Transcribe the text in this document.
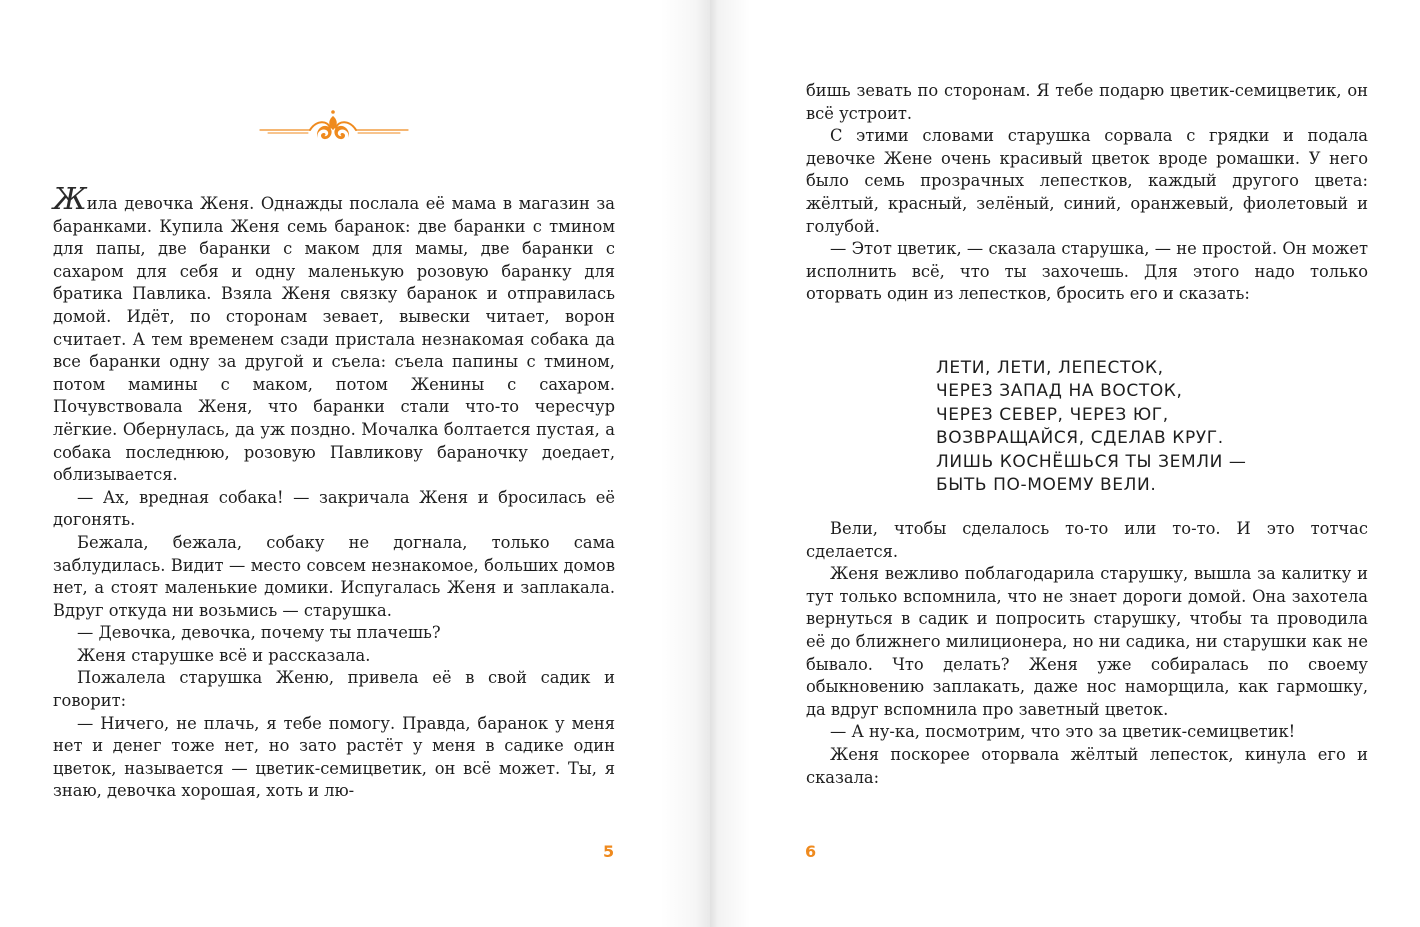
Жила девочка Женя. Однажды послала её мама в магазин за баранками. Купила Женя семь баранок: две баранки с тмином для папы, две баранки с маком для мамы, две баранки с сахаром для себя и одну маленькую розовую баранку для братика Павлика. Взяла Женя связку баранок и отправилась домой. Идёт, по сторонам зевает, вывески читает, ворон считает. А тем временем сзади пристала незнакомая собака да все баранки одну за другой и съела: съела папины с тмином, потом мамины с маком, потом Женины с сахаром. Почувствовала Женя, что баранки стали что-то чересчур лёгкие. Обернулась, да уж поздно. Мочалка болтается пустая, а собака последнюю, розовую Павликову бараночку доедает, облизывается.

— Ах, вредная собака! — закричала Женя и бросилась её догонять.

Бежала, бежала, собаку не догнала, только сама заблудилась. Видит — место совсем незнакомое, больших домов нет, а стоят маленькие домики. Испугалась Женя и заплакала. Вдруг откуда ни возьмись — старушка.

— Девочка, девочка, почему ты плачешь?

Женя старушке всё и рассказала.

Пожалела старушка Женю, привела её в свой садик и говорит:

— Ничего, не плачь, я тебе помогу. Правда, баранок у меня нет и денег тоже нет, но зато растёт у меня в садике один цветок, называется — цветик-семицветик, он всё может. Ты, я знаю, девочка хорошая, хоть и лю-

5

бишь зевать по сторонам. Я тебе подарю цветик-семицветик, он всё устроит.

С этими словами старушка сорвала с грядки и подала девочке Жене очень красивый цветок вроде ромашки. У него было семь прозрачных лепестков, каждый другого цвета: жёлтый, красный, зелёный, синий, оранжевый, фиолетовый и голубой.

— Этот цветик, — сказала старушка, — не простой. Он может исполнить всё, что ты захочешь. Для этого надо только оторвать один из лепестков, бросить его и сказать:

ЛЕТИ, ЛЕТИ, ЛЕПЕСТОК,
ЧЕРЕЗ ЗАПАД НА ВОСТОК,
ЧЕРЕЗ СЕВЕР, ЧЕРЕЗ ЮГ,
ВОЗВРАЩАЙСЯ, СДЕЛАВ КРУГ.
ЛИШЬ КОСНЁШЬСЯ ТЫ ЗЕМЛИ —
БЫТЬ ПО-МОЕМУ ВЕЛИ.

Вели, чтобы сделалось то-то или то-то. И это тотчас сделается.

Женя вежливо поблагодарила старушку, вышла за калитку и тут только вспомнила, что не знает дороги домой. Она захотела вернуться в садик и попросить старушку, чтобы та проводила её до ближнего милиционера, но ни садика, ни старушки как не бывало. Что делать? Женя уже собиралась по своему обыкновению заплакать, даже нос наморщила, как гармошку, да вдруг вспомнила про заветный цветок.

— А ну-ка, посмотрим, что это за цветик-семицветик!

Женя поскорее оторвала жёлтый лепесток, кинула его и сказала:

6
